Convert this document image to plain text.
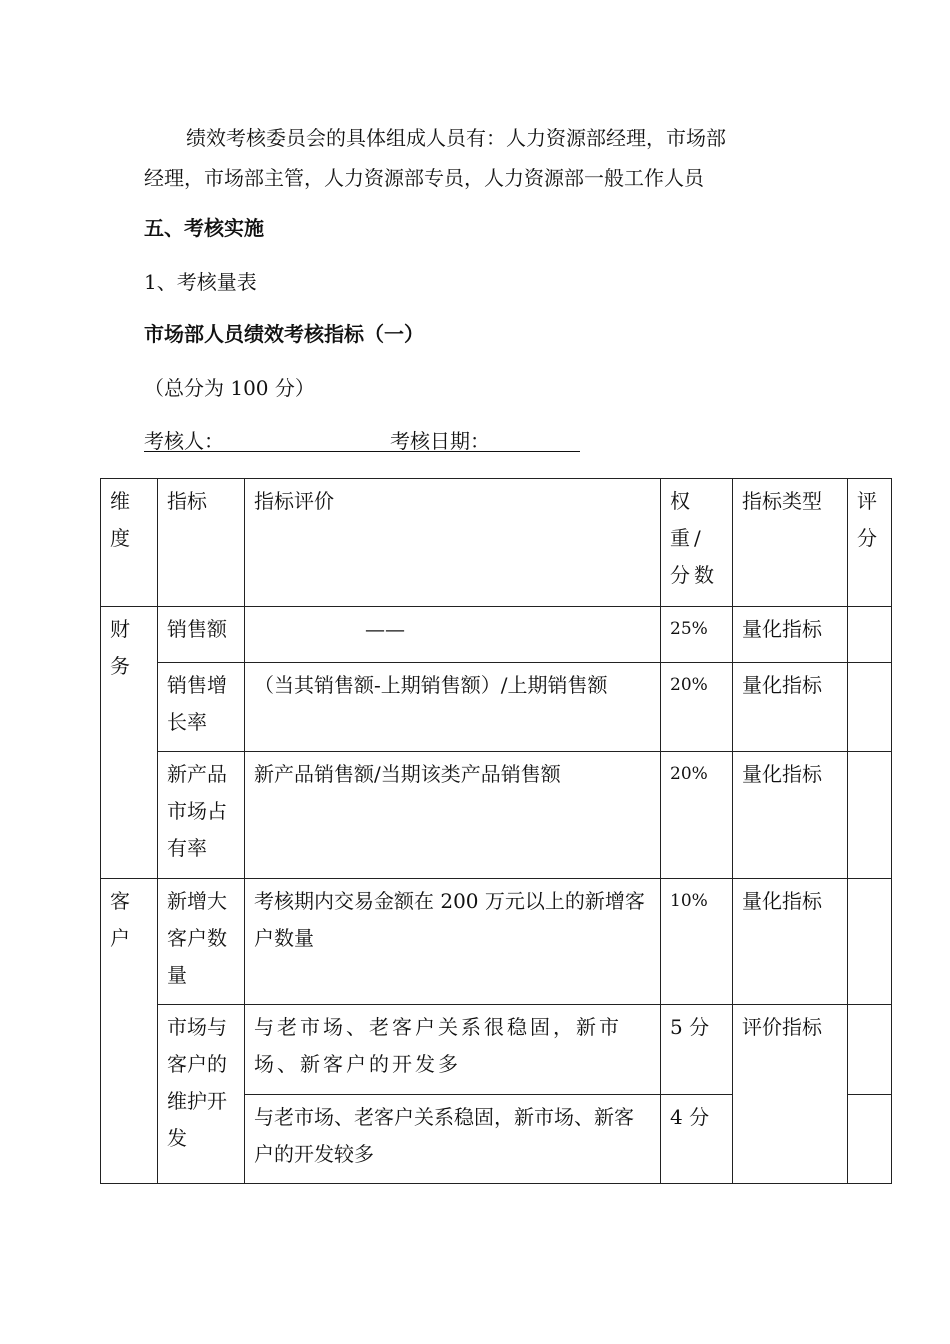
绩效考核委员会的具体组成人员有：人力资源部经理，市场部
经理，市场部主管，人力资源部专员，人力资源部一般工作人员

五、考核实施

1、考核量表

市场部人员绩效考核指标（一）

（总分为 100 分）

考核人：	考核日期：
维度	指标	指标评价	权重/分数	指标类型	评分
财务	销售额	——	25%	量化指标	
	销售增长率	（当其销售额-上期销售额）/上期销售额	20%	量化指标	
	新产品市场占有率	新产品销售额/当期该类产品销售额	20%	量化指标	
客户	新增大客户数量	考核期内交易金额在 200 万元以上的新增客户数量	10%	量化指标	
	市场与客户的维护开发	与老市场、老客户关系很稳固，新市场、新客户的开发多	5 分	评价指标	
		与老市场、老客户关系稳固，新市场、新客户的开发较多	4 分		
